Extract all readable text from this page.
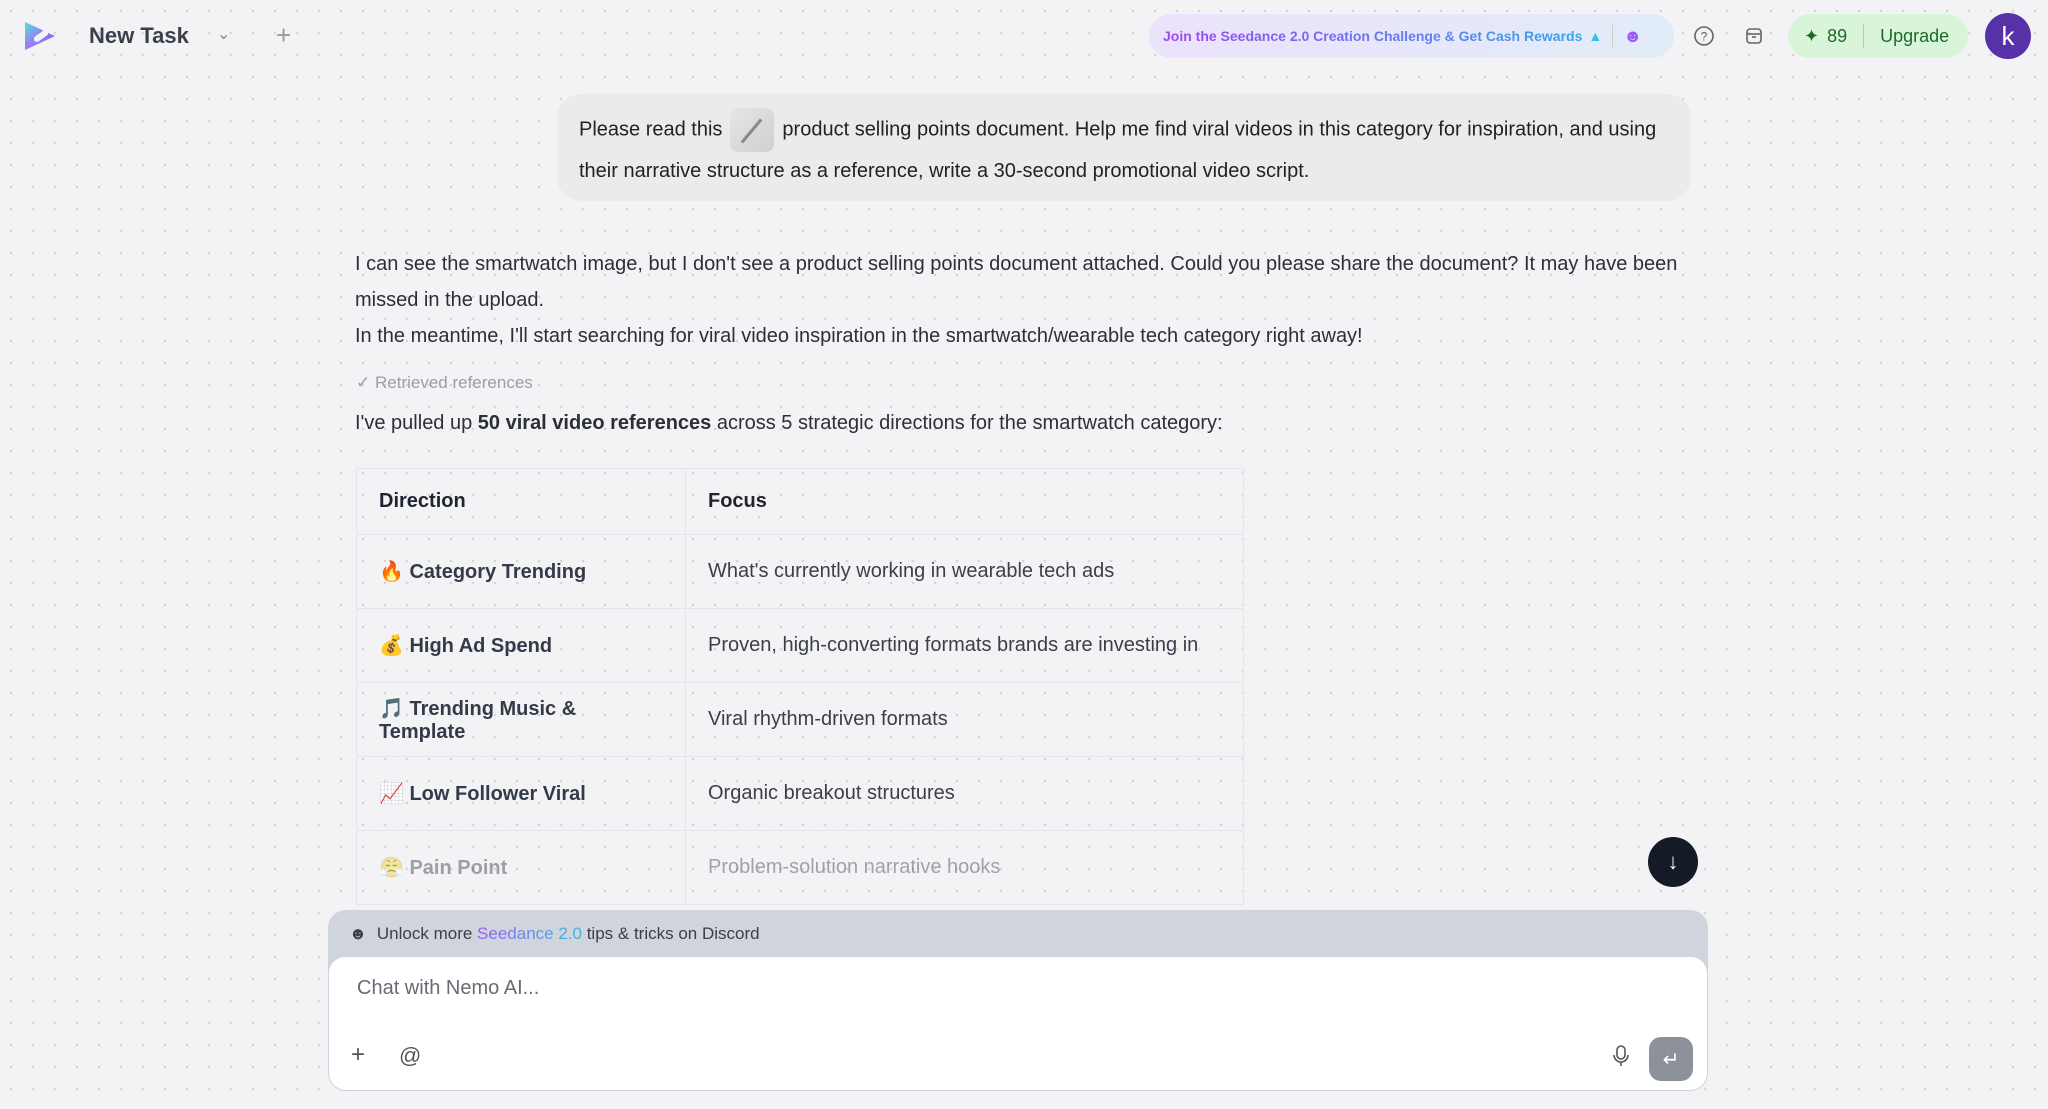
New Task ⌄ +	Join the Seedance 2.0 Creation Challenge & Get Cash Rewards ▲ ☻	?	✦ 89 Upgrade	k
Please read this	product selling points document. Help me find viral videos in this category for inspiration, and using their narrative structure as a reference, write a 30-second promotional video script.
I can see the smartwatch image, but I don't see a product selling points document attached. Could you please share the document? It may have been missed in the upload.
In the meantime, I'll start searching for viral video inspiration in the smartwatch/wearable tech category right away!
✓ Retrieved references
I've pulled up 50 viral video references across 5 strategic directions for the smartwatch category:
Direction	Focus
🔥 Category Trending	What's currently working in wearable tech ads
💰 High Ad Spend	Proven, high-converting formats brands are investing in
🎵 Trending Music & Template	Viral rhythm-driven formats
📈 Low Follower Viral	Organic breakout structures
😤 Pain Point	Problem-solution narrative hooks	↓
☻ Unlock more Seedance 2.0 tips & tricks on Discord
Chat with Nemo AI...
+ @	↵
